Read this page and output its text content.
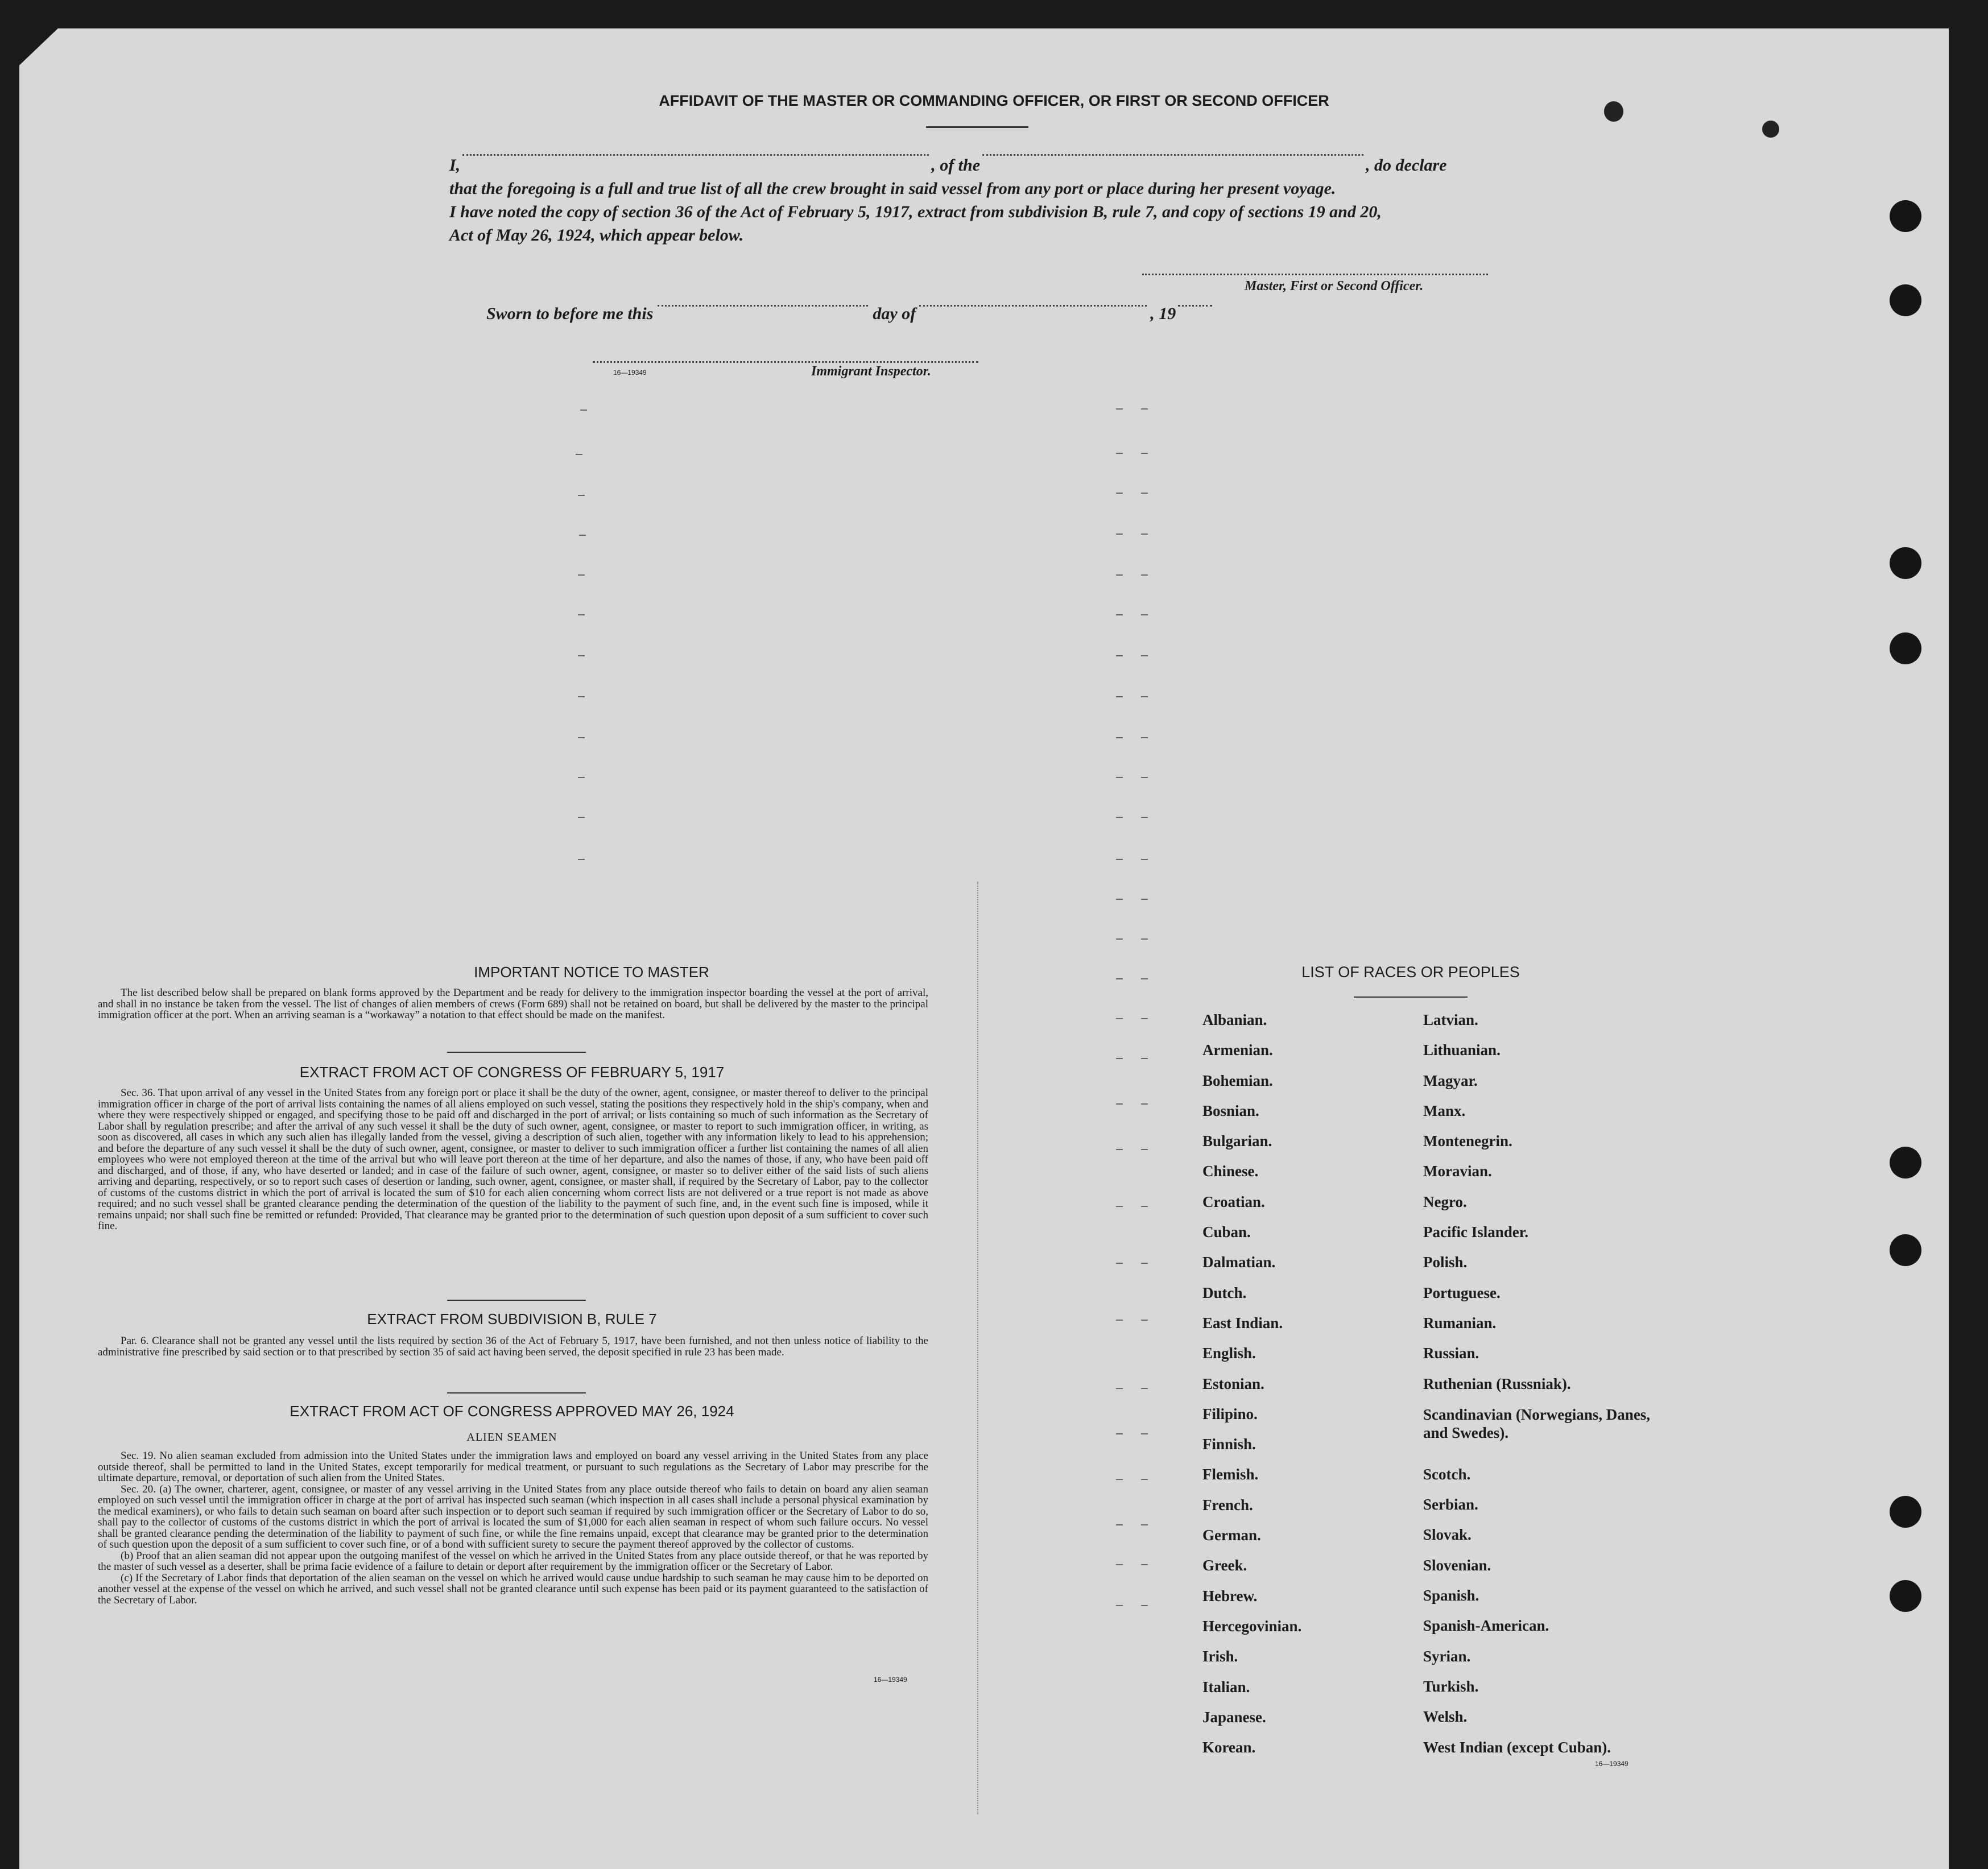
AFFIDAVIT OF THE MASTER OR COMMANDING OFFICER, OR FIRST OR SECOND OFFICER
I,	, of the	, do declare
that the foregoing is a full and true list of all the crew brought in said vessel from any port or place during her present voyage.
I have noted the copy of section 36 of the Act of February 5, 1917, extract from subdivision B, rule 7, and copy of sections 19 and 20,
Act of May 26, 1924, which appear below.
Master, First or Second Officer.
Sworn to before me this	day of	, 19
16—19349	Immigrant Inspector.
IMPORTANT NOTICE TO MASTER

The list described below shall be prepared on blank forms approved by the Department and be ready for delivery to the immigration inspector boarding the vessel at the port of arrival, and shall in no instance be taken from the vessel. The list of changes of alien members of crews (Form 689) shall not be retained on board, but shall be delivered by the master to the principal immigration officer at the port. When an arriving seaman is a “workaway” a notation to that effect should be made on the manifest.

EXTRACT FROM ACT OF CONGRESS OF FEBRUARY 5, 1917

Sec. 36. That upon arrival of any vessel in the United States from any foreign port or place it shall be the duty of the owner, agent, consignee, or master thereof to deliver to the principal immigration officer in charge of the port of arrival lists containing the names of all aliens employed on such vessel, stating the positions they respectively hold in the ship's company, when and where they were respectively shipped or engaged, and specifying those to be paid off and discharged in the port of arrival; or lists containing so much of such information as the Secretary of Labor shall by regulation prescribe; and after the arrival of any such vessel it shall be the duty of such owner, agent, consignee, or master to report to such immigration officer, in writing, as soon as discovered, all cases in which any such alien has illegally landed from the vessel, giving a description of such alien, together with any information likely to lead to his apprehension; and before the departure of any such vessel it shall be the duty of such owner, agent, consignee, or master to deliver to such immigration officer a further list containing the names of all alien employees who were not employed thereon at the time of the arrival but who will leave port thereon at the time of her departure, and also the names of those, if any, who have been paid off and discharged, and of those, if any, who have deserted or landed; and in case of the failure of such owner, agent, consignee, or master so to deliver either of the said lists of such aliens arriving and departing, respectively, or so to report such cases of desertion or landing, such owner, agent, consignee, or master shall, if required by the Secretary of Labor, pay to the collector of customs of the customs district in which the port of arrival is located the sum of $10 for each alien concerning whom correct lists are not delivered or a true report is not made as above required; and no such vessel shall be granted clearance pending the determination of the question of the liability to the payment of such fine, and, in the event such fine is imposed, while it remains unpaid; nor shall such fine be remitted or refunded: Provided, That clearance may be granted prior to the determination of such question upon deposit of a sum sufficient to cover such fine.

EXTRACT FROM SUBDIVISION B, RULE 7

Par. 6. Clearance shall not be granted any vessel until the lists required by section 36 of the Act of February 5, 1917, have been furnished, and not then unless notice of liability to the administrative fine prescribed by said section or to that prescribed by section 35 of said act having been served, the deposit specified in rule 23 has been made.

EXTRACT FROM ACT OF CONGRESS APPROVED MAY 26, 1924
ALIEN SEAMEN

Sec. 19. No alien seaman excluded from admission into the United States under the immigration laws and employed on board any vessel arriving in the United States from any place outside thereof, shall be permitted to land in the United States, except temporarily for medical treatment, or pursuant to such regulations as the Secretary of Labor may prescribe for the ultimate departure, removal, or deportation of such alien from the United States.

Sec. 20. (a) The owner, charterer, agent, consignee, or master of any vessel arriving in the United States from any place outside thereof who fails to detain on board any alien seaman employed on such vessel until the immigration officer in charge at the port of arrival has inspected such seaman (which inspection in all cases shall include a personal physical examination by the medical examiners), or who fails to detain such seaman on board after such inspection or to deport such seaman if required by such immigration officer or the Secretary of Labor to do so, shall pay to the collector of customs of the customs district in which the port of arrival is located the sum of $1,000 for each alien seaman in respect of whom such failure occurs. No vessel shall be granted clearance pending the determination of the liability to payment of such fine, or while the fine remains unpaid, except that clearance may be granted prior to the determination of such question upon the deposit of a sum sufficient to cover such fine, or of a bond with sufficient surety to secure the payment thereof approved by the collector of customs.

(b) Proof that an alien seaman did not appear upon the outgoing manifest of the vessel on which he arrived in the United States from any place outside thereof, or that he was reported by the master of such vessel as a deserter, shall be prima facie evidence of a failure to detain or deport after requirement by the immigration officer or the Secretary of Labor.

(c) If the Secretary of Labor finds that deportation of the alien seaman on the vessel on which he arrived would cause undue hardship to such seaman he may cause him to be deported on another vessel at the expense of the vessel on which he arrived, and such vessel shall not be granted clearance until such expense has been paid or its payment guaranteed to the satisfaction of the Secretary of Labor.

16—19349
LIST OF RACES OR PEOPLES
Albanian.
Armenian.
Bohemian.
Bosnian.
Bulgarian.
Chinese.
Croatian.
Cuban.
Dalmatian.
Dutch.
East Indian.
English.
Estonian.
Filipino.
Finnish.
Flemish.
French.
German.
Greek.
Hebrew.
Hercegovinian.
Irish.
Italian.
Japanese.
Korean.
Latvian.
Lithuanian.
Magyar.
Manx.
Montenegrin.
Moravian.
Negro.
Pacific Islander.
Polish.
Portuguese.
Rumanian.
Russian.
Ruthenian (Russniak).
Scandinavian (Norwegians, Danes, and Swedes).
Scotch.
Serbian.
Slovak.
Slovenian.
Spanish.
Spanish-American.
Syrian.
Turkish.
Welsh.
West Indian (except Cuban).
16—19349
